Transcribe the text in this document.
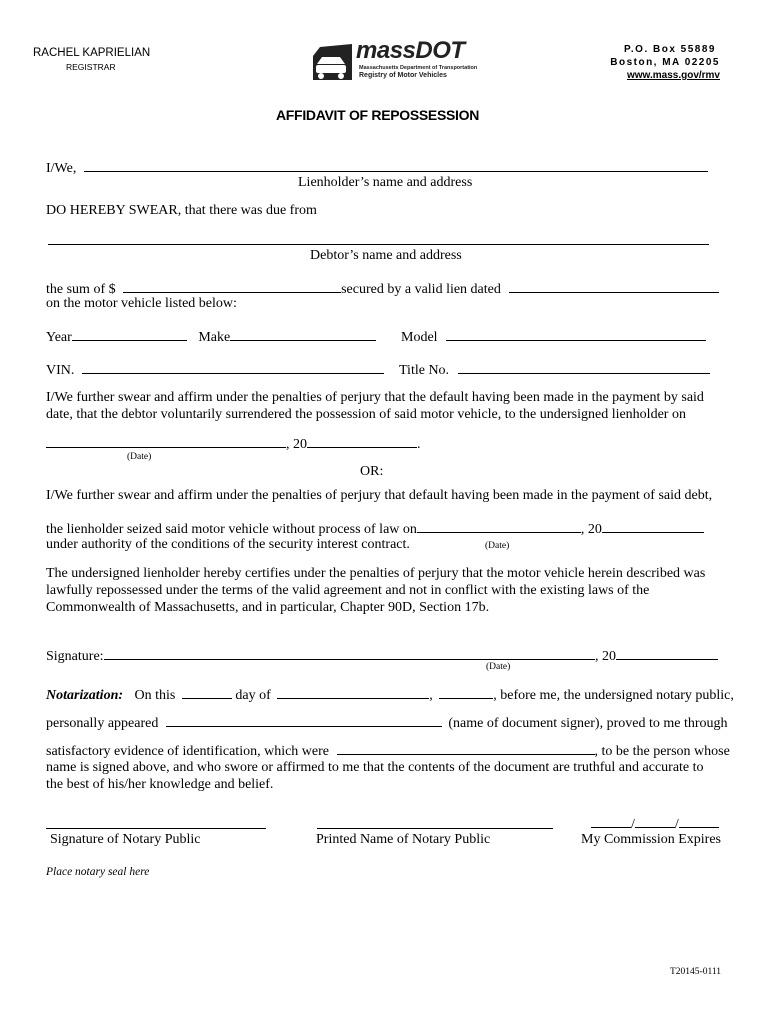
RACHEL KAPRIELIAN
REGISTRAR
massDOT
Massachusetts Department of Transportation
Registry of Motor Vehicles
P.O. Box 55889
Boston, MA 02205
www.mass.gov/rmv
AFFIDAVIT OF REPOSSESSION
I/We,
Lienholder’s name and address
DO HEREBY SWEAR, that there was due from
Debtor’s name and address
the sum of $	secured by a valid lien dated
on the motor vehicle listed below:
Year	Make	Model
VIN.	Title No.
I/We further swear and affirm under the penalties of perjury that the default having been made in the payment by said date, that the debtor voluntarily surrendered the possession of said motor vehicle, to the undersigned lienholder on
, 20	.
(Date)
OR:
I/We further swear and affirm under the penalties of perjury that default having been made in the payment of said debt,
the lienholder seized said motor vehicle without process of law on	, 20
under authority of the conditions of the security interest contract.	(Date)
The undersigned lienholder hereby certifies under the penalties of perjury that the motor vehicle herein described was lawfully repossessed under the terms of the valid agreement and not in conflict with the existing laws of the Commonwealth of Massachusetts, and in particular, Chapter 90D, Section 17b.
Signature:	, 20
(Date)
Notarization: On this	day of	,	, before me, the undersigned notary public,
personally appeared	(name of document signer), proved to me through
satisfactory evidence of identification, which were	, to be the person whose
name is signed above, and who swore or affirmed to me that the contents of the document are truthful and accurate to the best of his/her knowledge and belief.
/	/
Signature of Notary Public	Printed Name of Notary Public	My Commission Expires
Place notary seal here
T20145-0111
